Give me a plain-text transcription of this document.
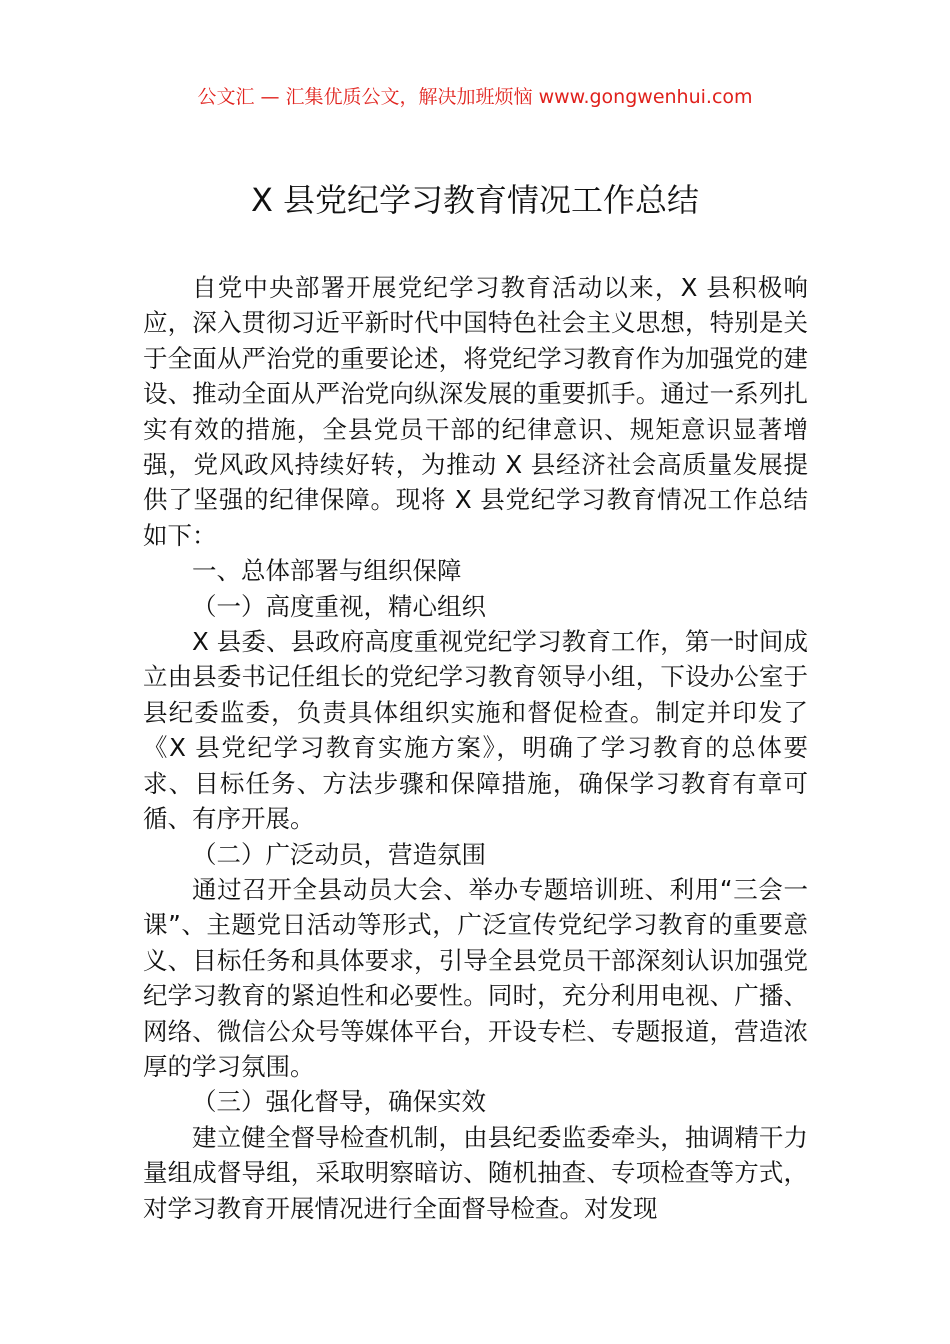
公文汇 — 汇集优质公文，解决加班烦恼 www.gongwenhui.com
X 县党纪学习教育情况工作总结

自党中央部署开展党纪学习教育活动以来，X 县积极响应，深入贯彻习近平新时代中国特色社会主义思想，特别是关于全面从严治党的重要论述，将党纪学习教育作为加强党的建设、推动全面从严治党向纵深发展的重要抓手。通过一系列扎实有效的措施，全县党员干部的纪律意识、规矩意识显著增强，党风政风持续好转，为推动 X 县经济社会高质量发展提供了坚强的纪律保障。现将 X 县党纪学习教育情况工作总结如下：

一、总体部署与组织保障

（一）高度重视，精心组织

X 县委、县政府高度重视党纪学习教育工作，第一时间成立由县委书记任组长的党纪学习教育领导小组，下设办公室于县纪委监委，负责具体组织实施和督促检查。制定并印发了《X 县党纪学习教育实施方案》，明确了学习教育的总体要求、目标任务、方法步骤和保障措施，确保学习教育有章可循、有序开展。

（二）广泛动员，营造氛围

通过召开全县动员大会、举办专题培训班、利用“三会一课”、主题党日活动等形式，广泛宣传党纪学习教育的重要意义、目标任务和具体要求，引导全县党员干部深刻认识加强党纪学习教育的紧迫性和必要性。同时，充分利用电视、广播、网络、微信公众号等媒体平台，开设专栏、专题报道，营造浓厚的学习氛围。

（三）强化督导，确保实效

建立健全督导检查机制，由县纪委监委牵头，抽调精干力量组成督导组，采取明察暗访、随机抽查、专项检查等方式，对学习教育开展情况进行全面督导检查。对发现
